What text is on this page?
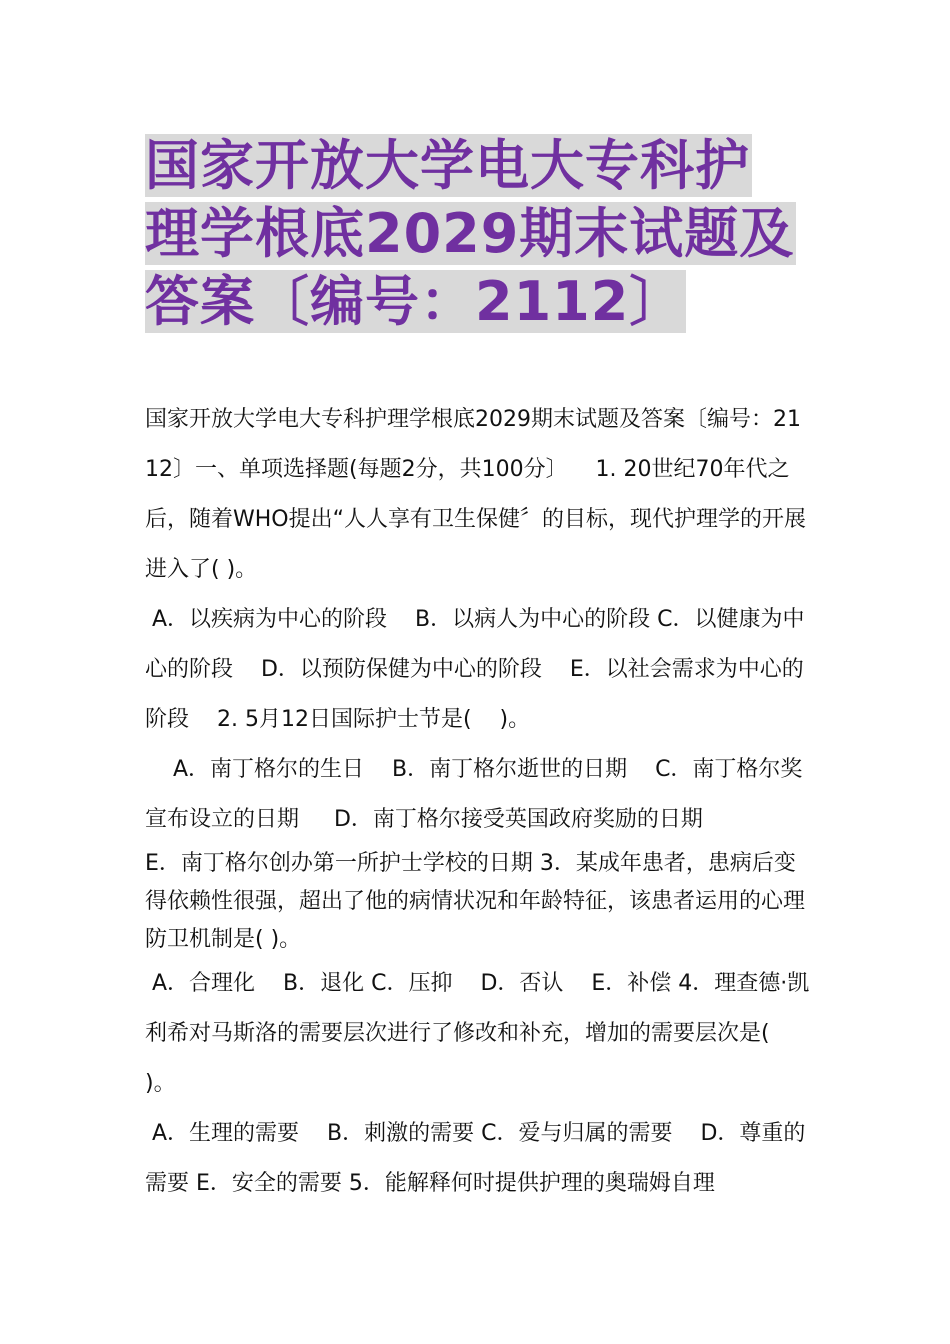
国家开放大学电大专科护
理学根底2029期末试题及
答案〔编号：2112〕

国家开放大学电大专科护理学根底2029期末试题及答案〔编号：2112〕一、单项选择题(每题2分，共100分〕    1. 20世纪70年代之后，随着WHO提出“人人享有卫生保健〞的目标，现代护理学的开展进入了( )。

A．以疾病为中心的阶段    B．以病人为中心的阶段 C．以健康为中心的阶段    D．以预防保健为中心的阶段    E．以社会需求为中心的阶段    2. 5月12日国际护士节是(    )。

A．南丁格尔的生日    B．南丁格尔逝世的日期    C．南丁格尔奖宣布设立的日期     D．南丁格尔接受英国政府奖励的日期

E．南丁格尔创办第一所护士学校的日期 3．某成年患者，患病后变得依赖性很强，超出了他的病情状况和年龄特征，该患者运用的心理防卫机制是( )。

A．合理化    B．退化 C．压抑    D．否认    E．补偿 4．理查德·凯利希对马斯洛的需要层次进行了修改和补充，增加的需要层次是(    )。

A．生理的需要    B．刺激的需要 C．爱与归属的需要    D．尊重的需要 E．安全的需要 5．能解释何时提供护理的奥瑞姆自理
